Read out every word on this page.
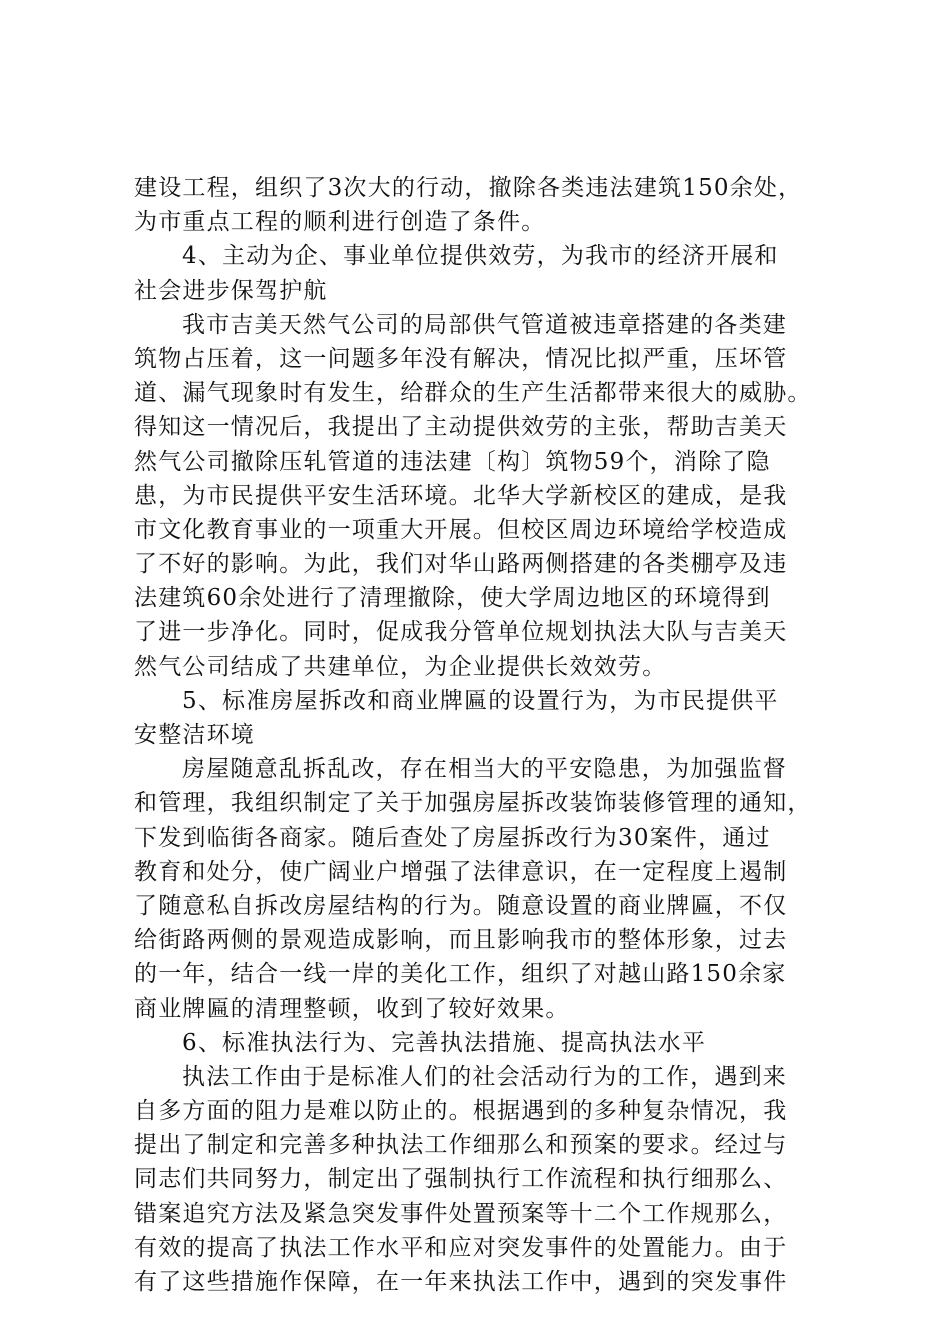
建设工程，组织了3次大的行动，撤除各类违法建筑150余处，
为市重点工程的顺利进行创造了条件。
4、主动为企、事业单位提供效劳，为我市的经济开展和
社会进步保驾护航
我市吉美天然气公司的局部供气管道被违章搭建的各类建
筑物占压着，这一问题多年没有解决，情况比拟严重，压坏管
道、漏气现象时有发生，给群众的生产生活都带来很大的威胁。
得知这一情况后，我提出了主动提供效劳的主张，帮助吉美天
然气公司撤除压轧管道的违法建〔构〕筑物59个，消除了隐
患，为市民提供平安生活环境。北华大学新校区的建成，是我
市文化教育事业的一项重大开展。但校区周边环境给学校造成
了不好的影响。为此，我们对华山路两侧搭建的各类棚亭及违
法建筑60余处进行了清理撤除，使大学周边地区的环境得到
了进一步净化。同时，促成我分管单位规划执法大队与吉美天
然气公司结成了共建单位，为企业提供长效效劳。
5、标准房屋拆改和商业牌匾的设置行为，为市民提供平
安整洁环境
房屋随意乱拆乱改，存在相当大的平安隐患，为加强监督
和管理，我组织制定了关于加强房屋拆改装饰装修管理的通知，
下发到临街各商家。随后查处了房屋拆改行为30案件，通过
教育和处分，使广阔业户增强了法律意识，在一定程度上遏制
了随意私自拆改房屋结构的行为。随意设置的商业牌匾，不仅
给街路两侧的景观造成影响，而且影响我市的整体形象，过去
的一年，结合一线一岸的美化工作，组织了对越山路150余家
商业牌匾的清理整顿，收到了较好效果。
6、标准执法行为、完善执法措施、提高执法水平
执法工作由于是标准人们的社会活动行为的工作，遇到来
自多方面的阻力是难以防止的。根据遇到的多种复杂情况，我
提出了制定和完善多种执法工作细那么和预案的要求。经过与
同志们共同努力，制定出了强制执行工作流程和执行细那么、
错案追究方法及紧急突发事件处置预案等十二个工作规那么，
有效的提高了执法工作水平和应对突发事件的处置能力。由于
有了这些措施作保障，在一年来执法工作中，遇到的突发事件
